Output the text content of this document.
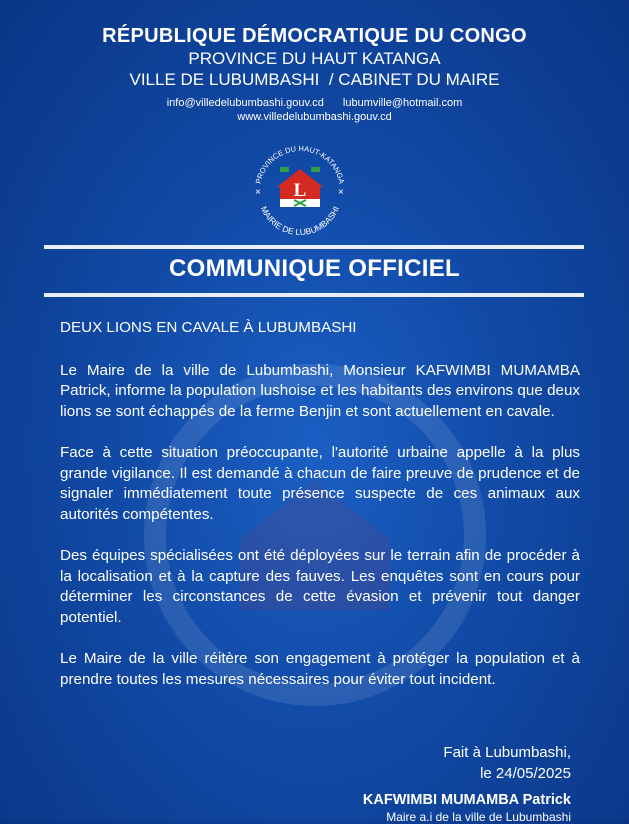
RÉPUBLIQUE DÉMOCRATIQUE DU CONGO
PROVINCE DU HAUT KATANGA
VILLE DE LUBUMBASHI  / CABINET DU MAIRE
info@villedelubumbashi.gouv.cd lubumville@hotmail.com
www.villedelubumbashi.gouv.cd
PROVINCE DU HAUT-KATANGA
MAIRIE DE LUBUMBASHI
×	×
L
COMMUNIQUE OFFICIEL
DEUX LIONS EN CAVALE À LUBUMBASHI
Le Maire de la ville de Lubumbashi, Monsieur KAFWIMBI MUMAMBA Patrick, informe la population lushoise et les habitants des environs que deux lions se sont échappés de la ferme Benjin et sont actuellement en cavale.
Face à cette situation préoccupante, l'autorité urbaine appelle à la plus grande vigilance. Il est demandé à chacun de faire preuve de prudence et de signaler immédiatement toute présence suspecte de ces animaux aux autorités compétentes.
Des équipes spécialisées ont été déployées sur le terrain afin de procéder à la localisation et à la capture des fauves. Les enquêtes sont en cours pour déterminer les circonstances de cette évasion et prévenir tout danger potentiel.
Le Maire de la ville réitère son engagement à protéger la population et à prendre toutes les mesures nécessaires pour éviter tout incident.
Fait à Lubumbashi,
le 24/05/2025
KAFWIMBI MUMAMBA Patrick
Maire a.i de la ville de Lubumbashi
